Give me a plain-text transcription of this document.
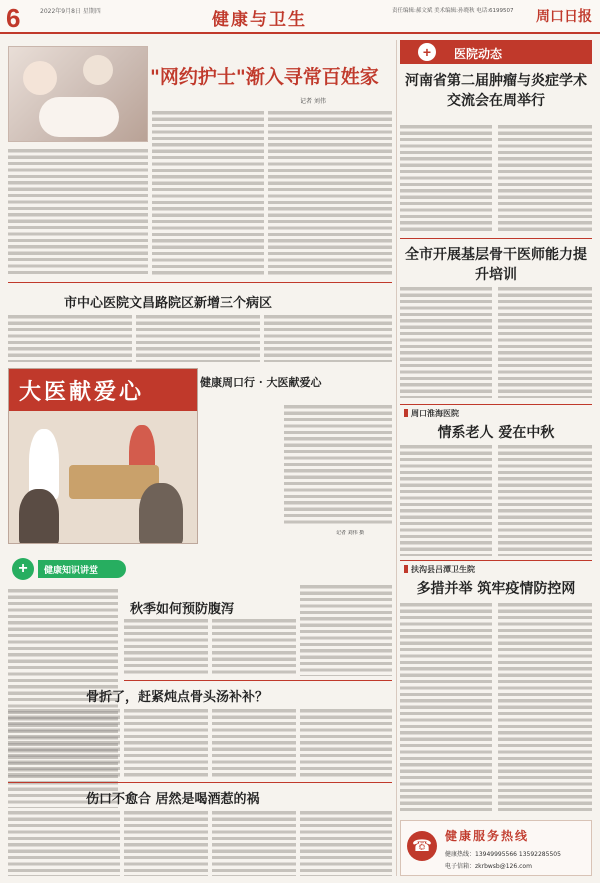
6	2022年9月8日 星期四	健康与卫生	责任编辑:郝文斌 美术编辑:孙晓秋 电话:6199507 周口日报
"网约护士"渐入寻常百姓家
记者 刘伟
市中心医院文昌路院区新增三个病区
大医献爱心	健康周口行 · 大医献爱心
记者 刘伟 摄
+	健康知识讲堂
秋季如何预防腹泻
骨折了，赶紧炖点骨头汤补补？
伤口不愈合 居然是喝酒惹的祸
+	医院动态
河南省第二届肿瘤与炎症学术交流会在周举行
全市开展基层骨干医师能力提升培训
周口淮海医院
情系老人 爱在中秋
扶沟县吕潭卫生院
多措并举 筑牢疫情防控网
☎	健康服务热线
健康热线：13949995566 13592285505
电子信箱：zkrbwsb@126.com
